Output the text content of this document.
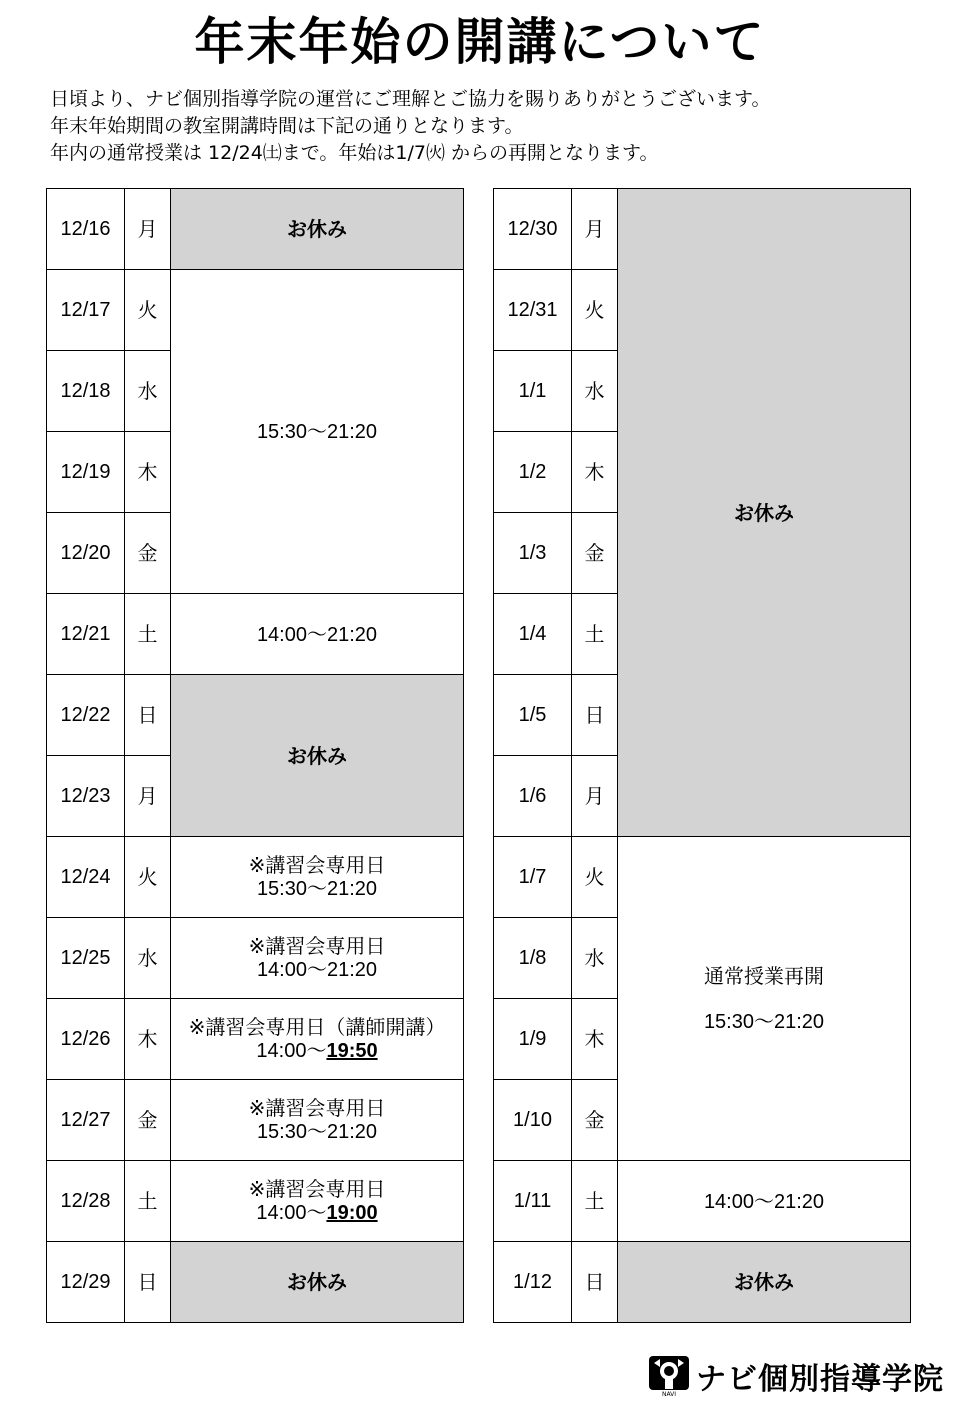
年末年始の開講について
日頃より、ナビ個別指導学院の運営にご理解とご協力を賜りありがとうございます。
年末年始期間の教室開講時間は下記の通りとなります。
年内の通常授業は 12/24㈯まで。年始は1/7㈫ からの再開となります。
12/16	月	お休み
12/17	火	15:30〜21:20
12/18	水	
12/19	木	
12/20	金	
12/21	土	14:00〜21:20
12/22	日	お休み
12/23	月	
12/24	火	※講習会専用日
15:30〜21:20

12/25	水	※講習会専用日
14:00〜21:20

12/26	木	※講習会専用日（講師開講）
14:00〜19:50

12/27	金	※講習会専用日
15:30〜21:20

12/28	土	※講習会専用日
14:00〜19:00

12/29	日	お休み
12/30	月	お休み
12/31	火	
1/1	水	
1/2	木	
1/3	金	
1/4	土	
1/5	日	
1/6	月	
1/7	火	通常授業再開
15:30〜21:20

1/8	水	
1/9	木	
1/10	金	
1/11	土	14:00〜21:20
1/12	日	お休み
NAVI ナビ個別指導学院
